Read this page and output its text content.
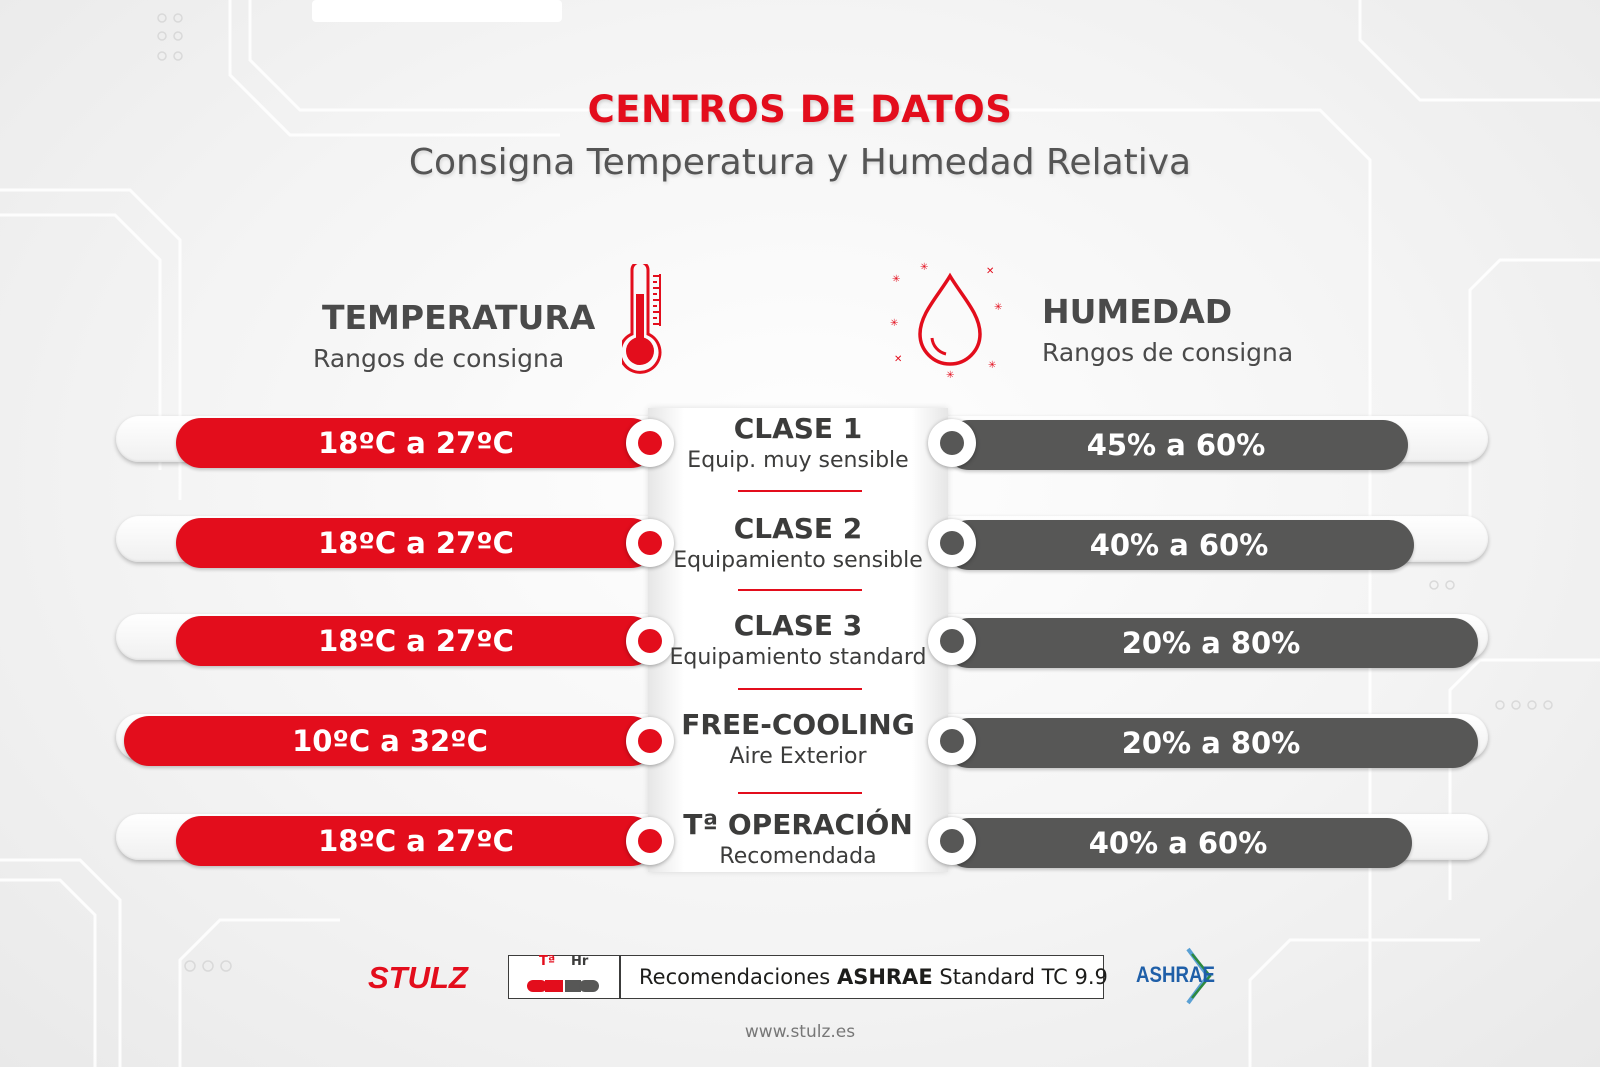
CENTROS DE DATOS
Consigna Temperatura y Humedad Relativa
TEMPERATURA
Rangos de consigna
✳
✳	✕
✳
✳
✕
✳
✳
HUMEDAD
Rangos de consigna
18ºC a 27ºC
18ºC a 27ºC
18ºC a 27ºC
10ºC a 32ºC
18ºC a 27ºC
45% a 60%
40% a 60%
20% a 80%
20% a 80%
40% a 60%
CLASE 1
Equip. muy sensible
CLASE 2
Equipamiento sensible
CLASE 3
Equipamiento standard
FREE-COOLING
Aire Exterior
Tª OPERACIÓN
Recomendada
STULZ	Tª Hr
Recomendaciones ASHRAE Standard TC 9.9 ASHRAE
www.stulz.es
